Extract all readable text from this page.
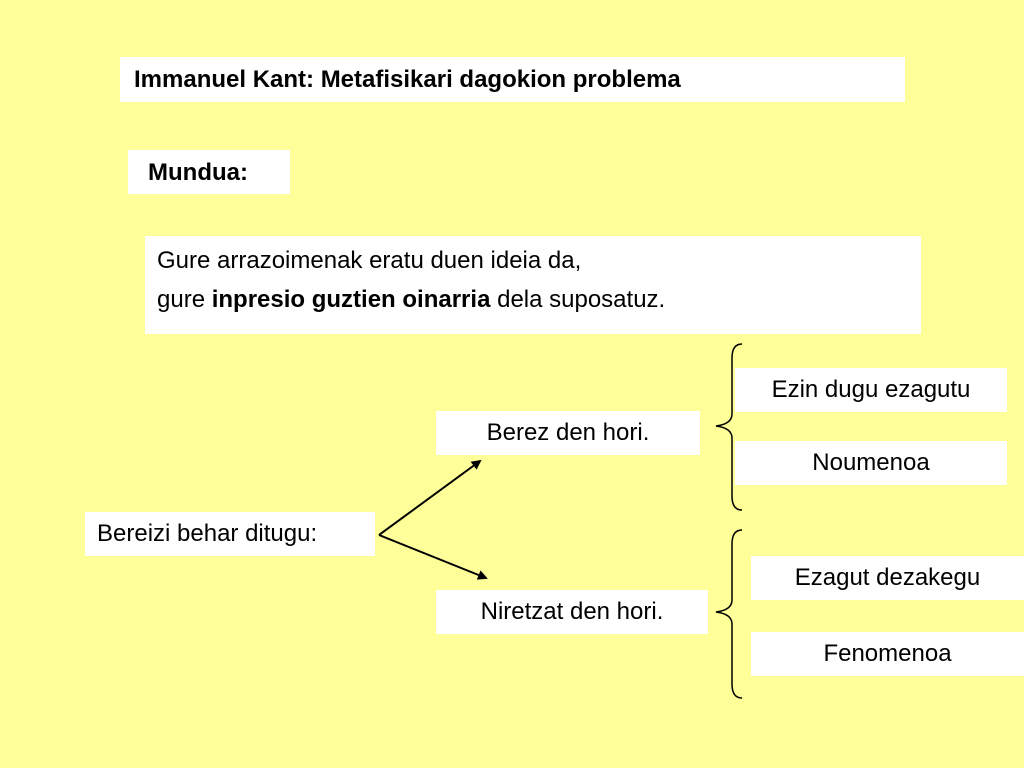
Immanuel Kant: Metafisikari dagokion problema
Mundua:

Gure arrazoimenak eratu duen ideia da,

gure inpresio guztien oinarria dela suposatuz.

Bereizi behar ditugu:
Berez den hori.
Niretzat den hori.
Ezin dugu ezagutu
Noumenoa
Ezagut dezakegu
Fenomenoa
